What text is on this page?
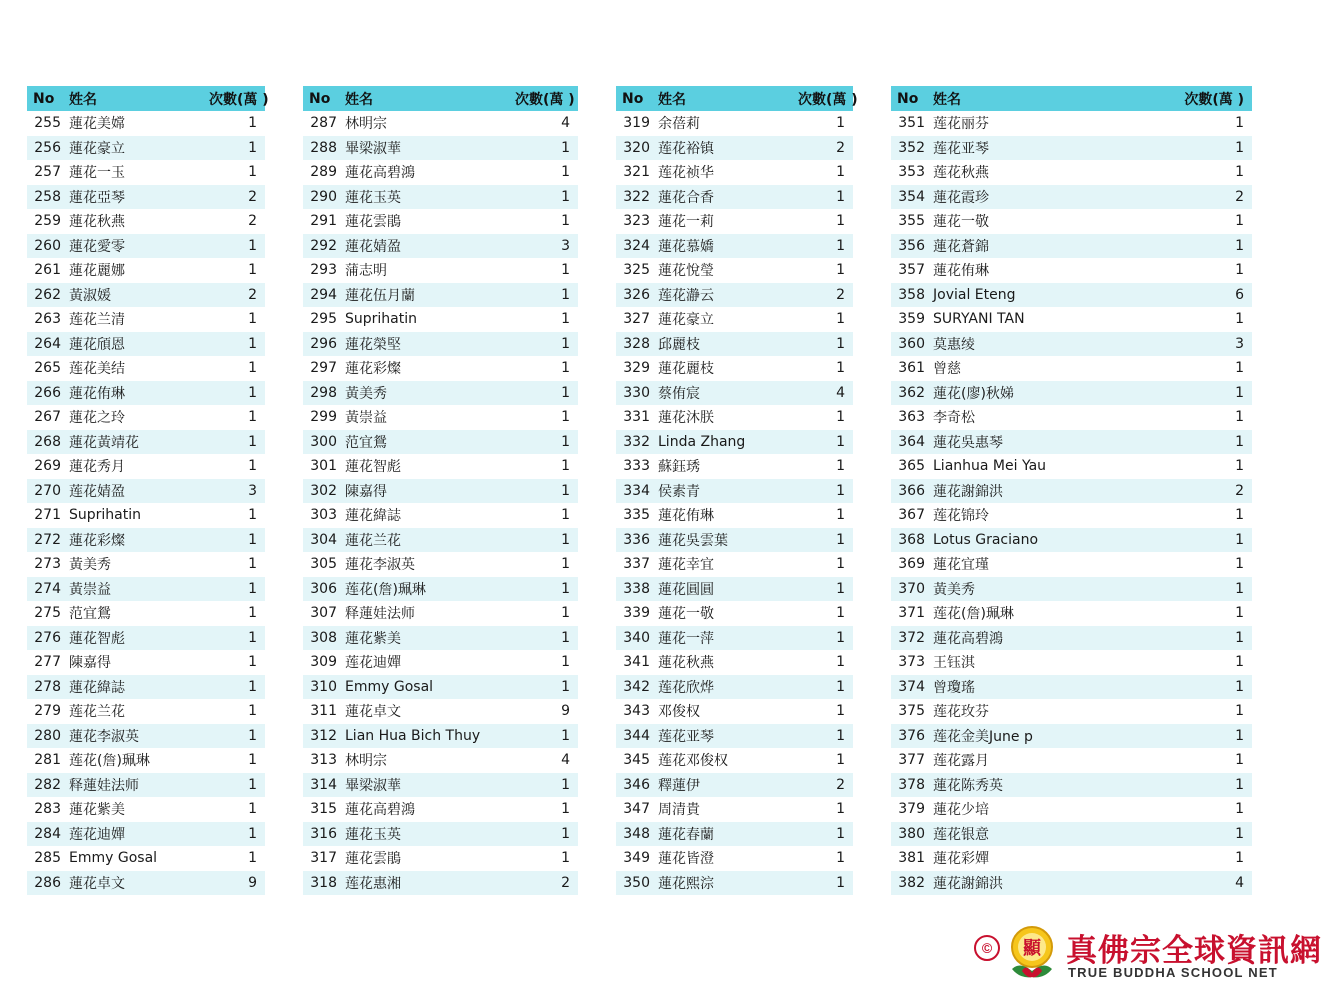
No	姓名	次數(萬 )
255	蓮花美嫦	1
256	蓮花豪立	1
257	蓮花一玉	1
258	蓮花亞琴	2
259	蓮花秋燕	2
260	蓮花愛零	1
261	蓮花麗娜	1
262	黃淑媛	2
263	莲花兰清	1
264	蓮花頎恩	1
265	莲花美结	1
266	蓮花侑琳	1
267	蓮花之玲	1
268	蓮花黃靖花	1
269	蓮花秀月	1
270	莲花婧盈	3
271	Suprihatin	1
272	蓮花彩燦	1
273	黃美秀	1
274	黃崇益	1
275	范宜鴛	1
276	蓮花智彪	1
277	陳嘉得	1
278	蓮花緯誌	1
279	莲花兰花	1
280	蓮花李淑英	1
281	莲花(詹)珮琳	1
282	释蓮娃法师	1
283	蓮花紫美	1
284	莲花迪嬋	1
285	Emmy Gosal	1
286	蓮花卓文	9
No	姓名	次數(萬 )
287	林明宗	4
288	畢梁淑華	1
289	蓮花高碧鴻	1
290	蓮花玉英	1
291	蓮花雲鵑	1
292	蓮花婧盈	3
293	蒲志明	1
294	蓮花伍月蘭	1
295	Suprihatin	1
296	蓮花榮堅	1
297	蓮花彩燦	1
298	黃美秀	1
299	黃崇益	1
300	范宜鴛	1
301	蓮花智彪	1
302	陳嘉得	1
303	蓮花緯誌	1
304	蓮花兰花	1
305	蓮花李淑英	1
306	莲花(詹)珮琳	1
307	释蓮娃法师	1
308	蓮花紫美	1
309	莲花迪嬋	1
310	Emmy Gosal	1
311	蓮花卓文	9
312	Lian Hua Bich Thuy	1
313	林明宗	4
314	畢梁淑華	1
315	蓮花高碧鴻	1
316	蓮花玉英	1
317	蓮花雲鵑	1
318	莲花惠湘	2
No	姓名	次數(萬 )
319	余蓓莉	1
320	莲花裕镇	2
321	莲花祯华	1
322	蓮花合香	1
323	蓮花一莉	1
324	蓮花慕嬌	1
325	蓮花悅瑩	1
326	莲花瀞云	2
327	蓮花豪立	1
328	邱麗枝	1
329	蓮花麗枝	1
330	蔡侑宸	4
331	蓮花沐朕	1
332	Linda Zhang	1
333	蘇鈺琇	1
334	侯素青	1
335	蓮花侑琳	1
336	蓮花吳雲葉	1
337	蓮花幸宜	1
338	蓮花圓圓	1
339	蓮花一敬	1
340	蓮花一萍	1
341	蓮花秋燕	1
342	莲花欣烨	1
343	邓俊权	1
344	莲花亚琴	1
345	莲花邓俊权	1
346	釋蓮伊	2
347	周清貴	1
348	蓮花春蘭	1
349	蓮花皆澄	1
350	蓮花熙淙	1
No	姓名	次數(萬 )
351	莲花丽芬	1
352	莲花亚琴	1
353	莲花秋燕	1
354	蓮花霞珍	2
355	蓮花一敬	1
356	蓮花蒼錦	1
357	蓮花侑琳	1
358	Jovial Eteng	6
359	SURYANI TAN	1
360	莫惠绫	3
361	曾慈	1
362	蓮花(廖)秋娣	1
363	李奇松	1
364	蓮花吳惠琴	1
365	Lianhua Mei Yau	1
366	蓮花謝錦洪	2
367	莲花锦玲	1
368	Lotus Graciano	1
369	蓮花宜瑾	1
370	黃美秀	1
371	莲花(詹)珮琳	1
372	蓮花高碧鴻	1
373	王钰淇	1
374	曾瓊瑤	1
375	莲花玫芬	1
376	莲花金美June p	1
377	莲花露月	1
378	蓮花陈秀英	1
379	蓮花少培	1
380	莲花银意	1
381	蓮花彩嬋	1
382	蓮花謝錦洪	4
©	顯 真佛宗全球資訊網
TRUE BUDDHA SCHOOL NET
